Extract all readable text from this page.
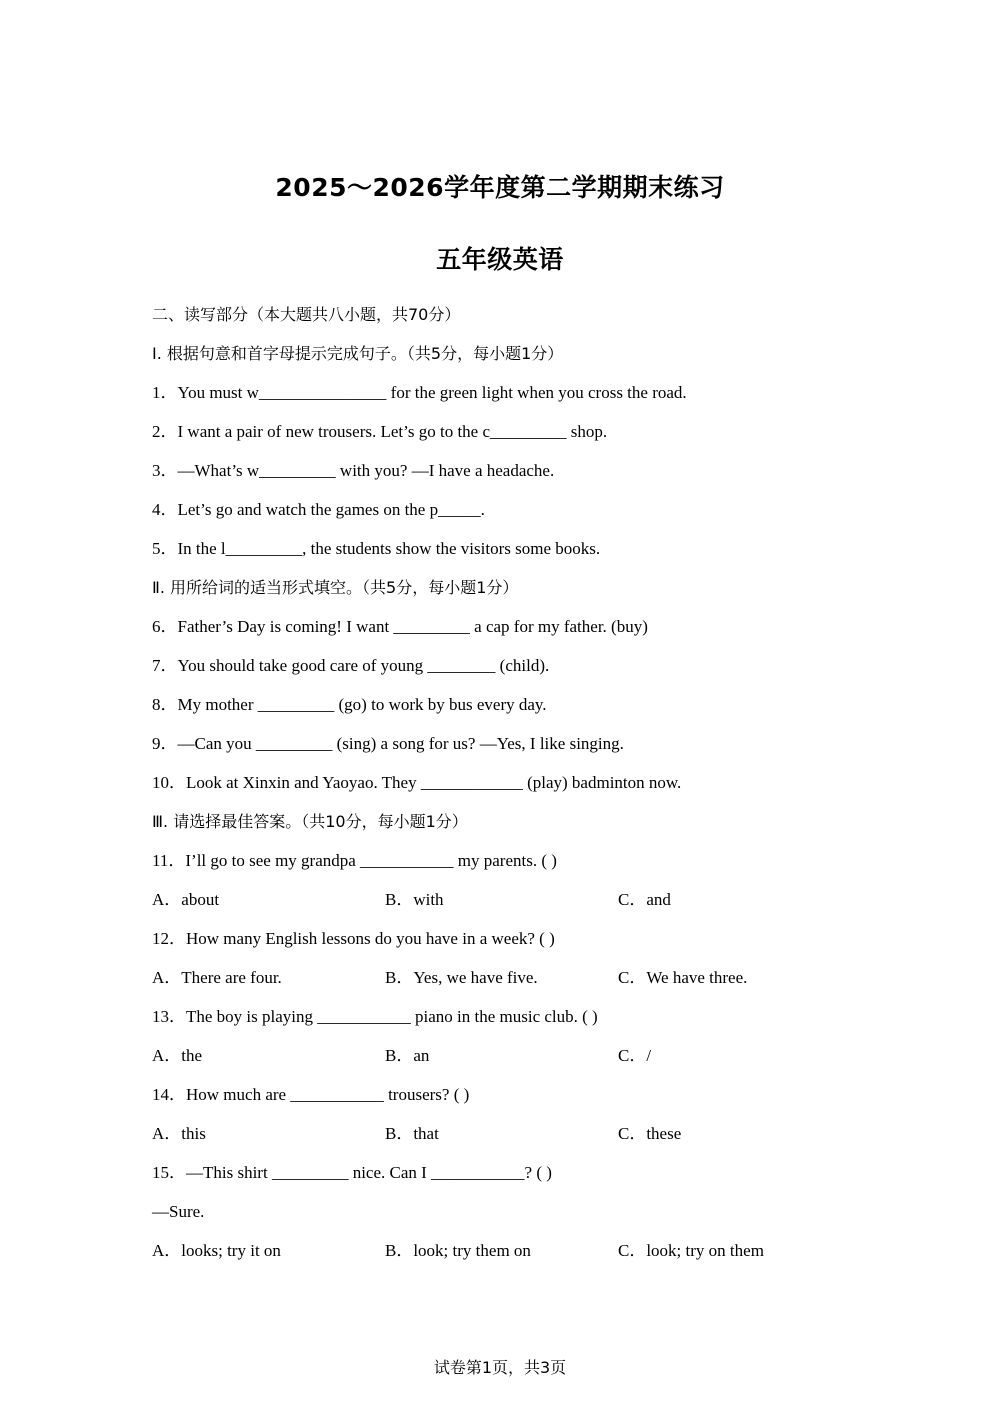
2025～2026学年度第二学期期末练习
五年级英语
二、读写部分（本大题共八小题，共70分）
Ⅰ. 根据句意和首字母提示完成句子。（共5分，每小题1分）
1．You must w_______________ for the green light when you cross the road.
2．I want a pair of new trousers. Let’s go to the c_________ shop.
3．—What’s w_________ with you? —I have a headache.
4．Let’s go and watch the games on the p_____.
5．In the l_________, the students show the visitors some books.
Ⅱ. 用所给词的适当形式填空。（共5分，每小题1分）
6．Father’s Day is coming! I want _________ a cap for my father. (buy)
7．You should take good care of young ________ (child).
8．My mother _________ (go) to work by bus every day.
9．—Can you _________ (sing) a song for us? —Yes, I like singing.
10．Look at Xinxin and Yaoyao. They ____________ (play) badminton now.
Ⅲ. 请选择最佳答案。（共10分，每小题1分）
11．I’ll go to see my grandpa ___________ my parents. ( )
A．about	B．with	C．and
12．How many English lessons do you have in a week? ( )
A．There are four.	B．Yes, we have five.	C．We have three.
13．The boy is playing ___________ piano in the music club. ( )
A．the	B．an	C．/
14．How much are ___________ trousers? ( )
A．this	B．that	C．these
15．—This shirt _________ nice. Can I ___________? ( )
—Sure.
A．looks; try it on	B．look; try them on	C．look; try on them
试卷第1页，共3页
